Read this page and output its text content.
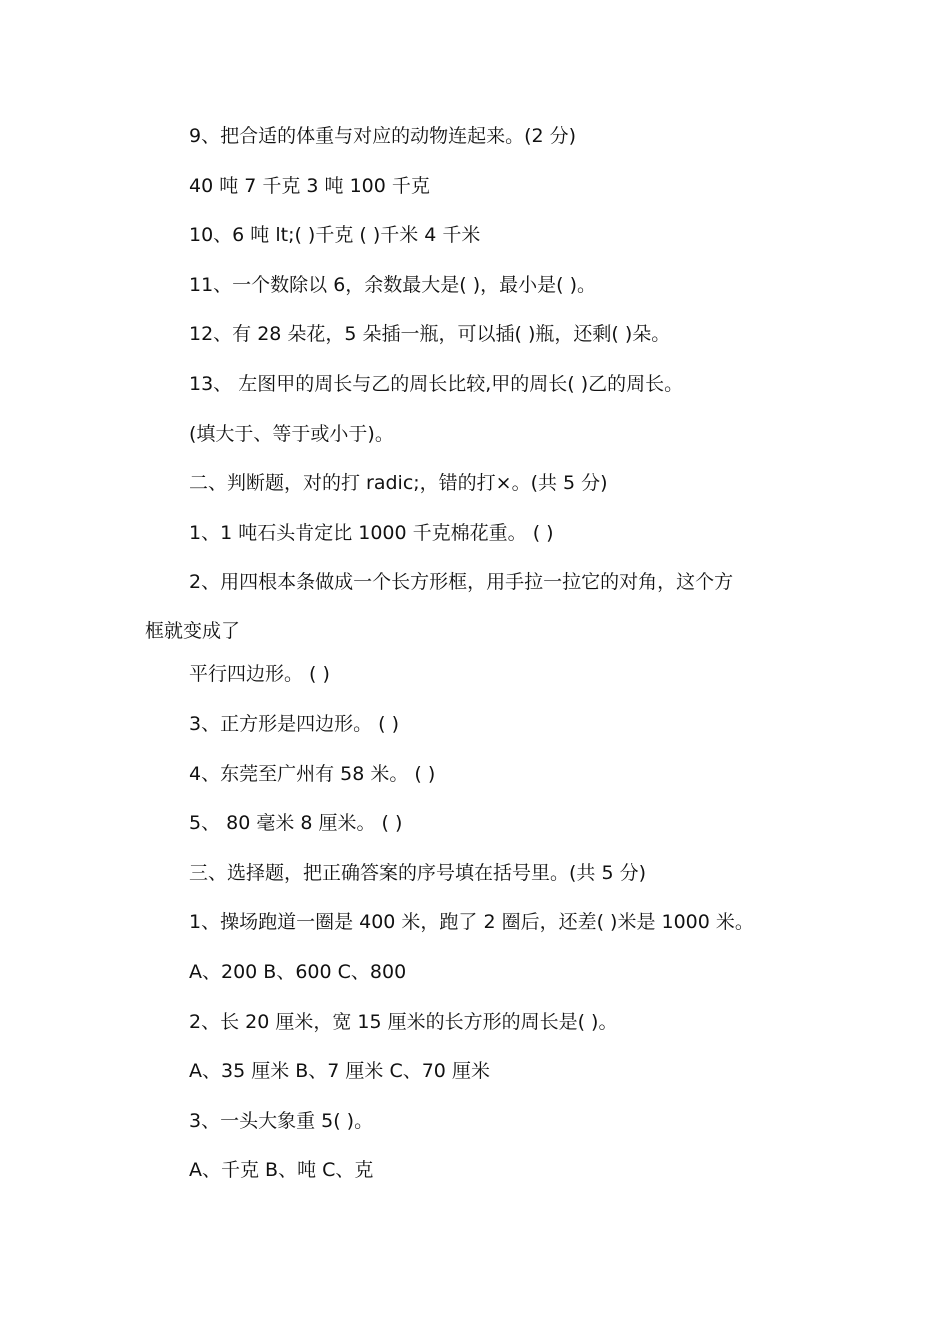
9、把合适的体重与对应的动物连起来。(2 分)
40 吨 7 千克 3 吨 100 千克
10、6 吨 lt;( )千克 ( )千米 4 千米
11、一个数除以 6，余数最大是( )，最小是( )。
12、有 28 朵花，5 朵插一瓶，可以插( )瓶，还剩( )朵。
13、 左图甲的周长与乙的周长比较,甲的周长( )乙的周长。
(填大于、等于或小于)。
二、判断题，对的打 radic;，错的打×。(共 5 分)
1、1 吨石头肯定比 1000 千克棉花重。 ( )
2、用四根本条做成一个长方形框，用手拉一拉它的对角，这个方
框就变成了
平行四边形。 ( )
3、正方形是四边形。 ( )
4、东莞至广州有 58 米。 ( )
5、 80 毫米 8 厘米。 ( )
三、选择题，把正确答案的序号填在括号里。(共 5 分)
1、操场跑道一圈是 400 米，跑了 2 圈后，还差( )米是 1000 米。
A、200 B、600 C、800
2、长 20 厘米，宽 15 厘米的长方形的周长是( )。
A、35 厘米 B、7 厘米 C、70 厘米
3、一头大象重 5( )。
A、千克 B、吨 C、克
